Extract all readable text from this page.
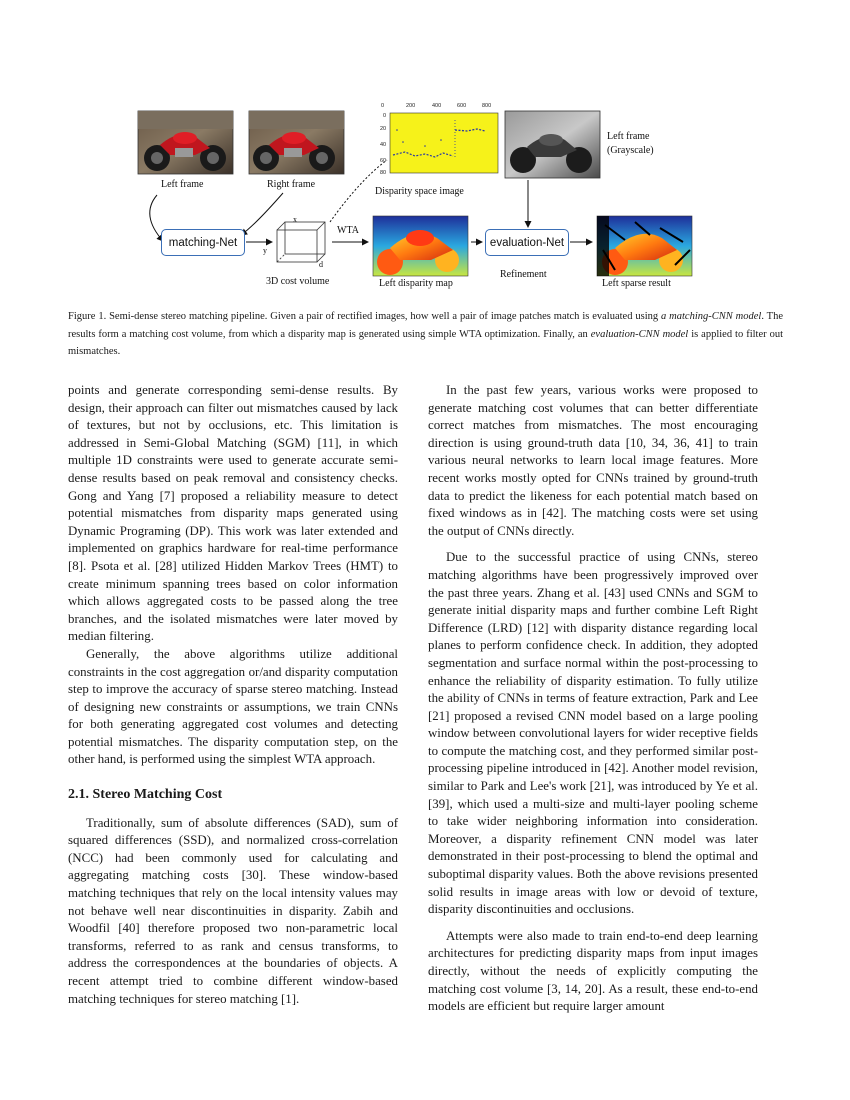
0	200	400	600	800
0
20
40
60
80
Left frame	Right frame
Disparity space image
Left frame
(Grayscale)
x
y
d
3D cost volume
WTA
Left disparity map
Refinement
Left sparse result
matching-Net	evaluation-Net
Figure 1. Semi-dense stereo matching pipeline. Given a pair of rectified images, how well a pair of image patches match is evaluated using a matching-CNN model. The results form a matching cost volume, from which a disparity map is generated using simple WTA optimization. Finally, an evaluation-CNN model is applied to filter out mismatches.

points and generate corresponding semi-dense results. By design, their approach can filter out mismatches caused by lack of textures, but not by occlusions, etc. This limitation is addressed in Semi-Global Matching (SGM) [11], in which multiple 1D constraints were used to generate accurate semi-dense results based on peak removal and consistency checks. Gong and Yang [7] proposed a reliability measure to detect potential mismatches from disparity maps generated using Dynamic Programing (DP). This work was later extended and implemented on graphics hardware for real-time performance [8]. Psota et al. [28] utilized Hidden Markov Trees (HMT) to create minimum spanning trees based on color information which allows aggregated costs to be passed along the tree branches, and the isolated mismatches were later moved by median filtering.

Generally, the above algorithms utilize additional constraints in the cost aggregation or/and disparity computation step to improve the accuracy of sparse stereo matching. Instead of designing new constraints or assumptions, we train CNNs for both generating aggregated cost volumes and detecting potential mismatches. The disparity computation step, on the other hand, is performed using the simplest WTA approach.

2.1. Stereo Matching Cost

Traditionally, sum of absolute differences (SAD), sum of squared differences (SSD), and normalized cross-correlation (NCC) had been commonly used for calculating and aggregating matching costs [30]. These window-based matching techniques that rely on the local intensity values may not behave well near discontinuities in disparity. Zabih and Woodfil [40] therefore proposed two non-parametric local transforms, referred to as rank and census transforms, to address the correspondences at the boundaries of objects. A recent attempt tried to combine different window-based matching techniques for stereo matching [1].

In the past few years, various works were proposed to generate matching cost volumes that can better differentiate correct matches from mismatches. The most encouraging direction is using ground-truth data [10, 34, 36, 41] to train various neural networks to learn local image features. More recent works mostly opted for CNNs trained by ground-truth data to predict the likeness for each potential match based on fixed windows as in [42]. The matching costs were set using the output of CNNs directly.

Due to the successful practice of using CNNs, stereo matching algorithms have been progressively improved over the past three years. Zhang et al. [43] used CNNs and SGM to generate initial disparity maps and further combine Left Right Difference (LRD) [12] with disparity distance regarding local planes to perform confidence check. In addition, they adopted segmentation and surface normal within the post-processing to enhance the reliability of disparity estimation. To fully utilize the ability of CNNs in terms of feature extraction, Park and Lee [21] proposed a revised CNN model based on a large pooling window between convolutional layers for wider receptive fields to compute the matching cost, and they performed similar post-processing pipeline introduced in [42]. Another model revision, similar to Park and Lee's work [21], was introduced by Ye et al. [39], which used a multi-size and multi-layer pooling scheme to take wider neighboring information into consideration. Moreover, a disparity refinement CNN model was later demonstrated in their post-processing to blend the optimal and suboptimal disparity values. Both the above revisions presented solid results in image areas with low or devoid of texture, disparity discontinuities and occlusions.

Attempts were also made to train end-to-end deep learning architectures for predicting disparity maps from input images directly, without the needs of explicitly computing the matching cost volume [3, 14, 20]. As a result, these end-to-end models are efficient but require larger amount
